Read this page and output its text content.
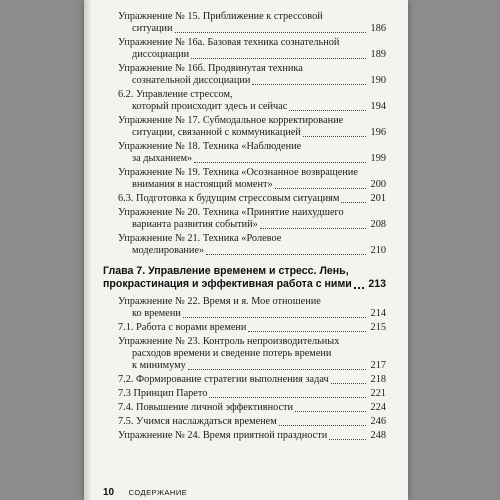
Упражнение № 15. Приближение к стрессовой
ситуации	186
Упражнение № 16а. Базовая техника сознательной
диссоциации	189
Упражнение № 16б. Продвинутая техника
сознательной диссоциации	190
6.2. Управление стрессом,
который происходит здесь и сейчас	194
Упражнение № 17. Субмодальное корректирование
ситуации, связанной с коммуникацией	196
Упражнение № 18. Техника «Наблюдение
за дыханием»	199
Упражнение № 19. Техника «Осознанное возвращение
внимания в настоящий момент»	200
6.3. Подготовка к будущим стрессовым ситуациям	201
Упражнение № 20. Техника «Принятие наихудшего
варианта развития событий»	208
Упражнение № 21. Техника «Ролевое
моделирование»	210
Глава 7. Управление временем и стресс. Лень,
прокрастинация и эффективная работа с ними 213
Упражнение № 22. Время и я. Мое отношение
ко времени	214
7.1. Работа с ворами времени	215
Упражнение № 23. Контроль непроизводительных
расходов времени и сведение потерь времени
к минимуму	217
7.2. Формирование стратегии выполнения задач	218
7.3 Принцип Парето	221
7.4. Повышение личной эффективности	224
7.5. Учимся наслаждаться временем	246
Упражнение № 24. Время приятной праздности	248
10 СОДЕРЖАНИЕ
